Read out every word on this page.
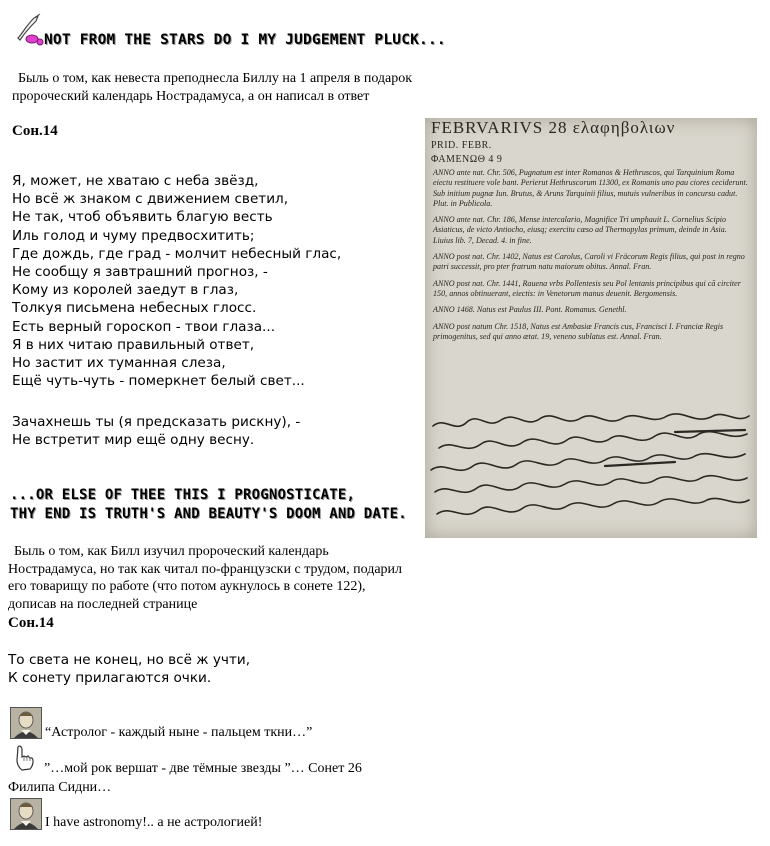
NOT FROM THE STARS DO I MY JUDGEMENT PLUCK...
Быль о том, как невеста преподнесла Биллу на 1 апреля в подарок пророческий календарь Нострадамуса, а он написал в ответ
Сон.14
Я, может, не хватаю с неба звёзд,
Но всё ж знаком с движением светил,
Не так, чтоб объявить благую весть
Иль голод и чуму предвосхитить;
Где дождь, где град - молчит небесный глас,
Не сообщу я завтрашний прогноз, -
Кому из королей заедут в глаз,
Толкуя письмена небесных глосс.
Есть верный гороскоп - твои глаза...
Я в них читаю правильный ответ,
Но застит их туманная слеза,
Ещё чуть-чуть - померкнет белый свет...
Зачахнешь ты (я предсказать рискну), -
Не встретит мир ещё одну весну.
...OR ELSE OF THEE THIS I PROGNOSTICATE,
THY END IS TRUTH'S AND BEAUTY'S DOOM AND DATE.
Быль о том, как Билл изучил пророческий календарь Нострадамуса, но так как читал по-французски с трудом, подарил его товарищу по работе (что потом аукнулось в сонете 122), дописав на последней странице
Сон.14
То света не конец, но всё ж учти,
К сонету прилагаются очки.
“Астролог - каждый ныне - пальцем ткни…”
”…мой рок вершат - две тёмные звезды ”… Сонет 26
Филипа Сидни…
I have astronomy!.. а не астрологией!
FEBRVARIVS 28 ελαφηβολιων
PRID. FEBR.
ΦΑΜΕΝΩΘ 4 9

ANNO ante nat. Chr. 506, Pugnatum est inter Romanos & Hethruscos, qui Tarquinium Roma eiectu restituere vole bant. Perierut Hethruscorum 11300, ex Romanis uno pau ciores ceciderunt. Sub initium pugnæ Iun. Brutus, & Aruns Tarquinii filius, mutuis vulneribus in concursu cadut. Plut. in Publicola.

ANNO ante nat. Chr. 186, Mense intercalario, Magnifice Tri umphauit L. Cornelius Scipio Asiaticus, de victo Antiocho, eiusq; exercitu cæso ad Thermopylas primum, deinde in Asia. Liuius lib. 7, Decad. 4. in fine.

ANNO post nat. Chr. 1402, Natus est Carolus, Caroli vi Fräcorum Regis filius, qui post in regno patri successit, pro pter fratrum natu maiorum obitus. Annal. Fran.

ANNO post nat. Chr. 1441, Rauena vrbs Pollentesis seu Pol lentanis principibus qui cã circiter 150, annos obtinuerant, eiectis: in Venetorum manus deuenit. Bergomensis.

ANNO 1468. Natus est Paulus III. Pont. Romanus. Genethl.

ANNO post natum Chr. 1518, Natus est Ambasiæ Francis cus, Francisci I. Franciæ Regis primogenitus, sed qui anno ætat. 19, veneno sublatus est. Annal. Fran.
